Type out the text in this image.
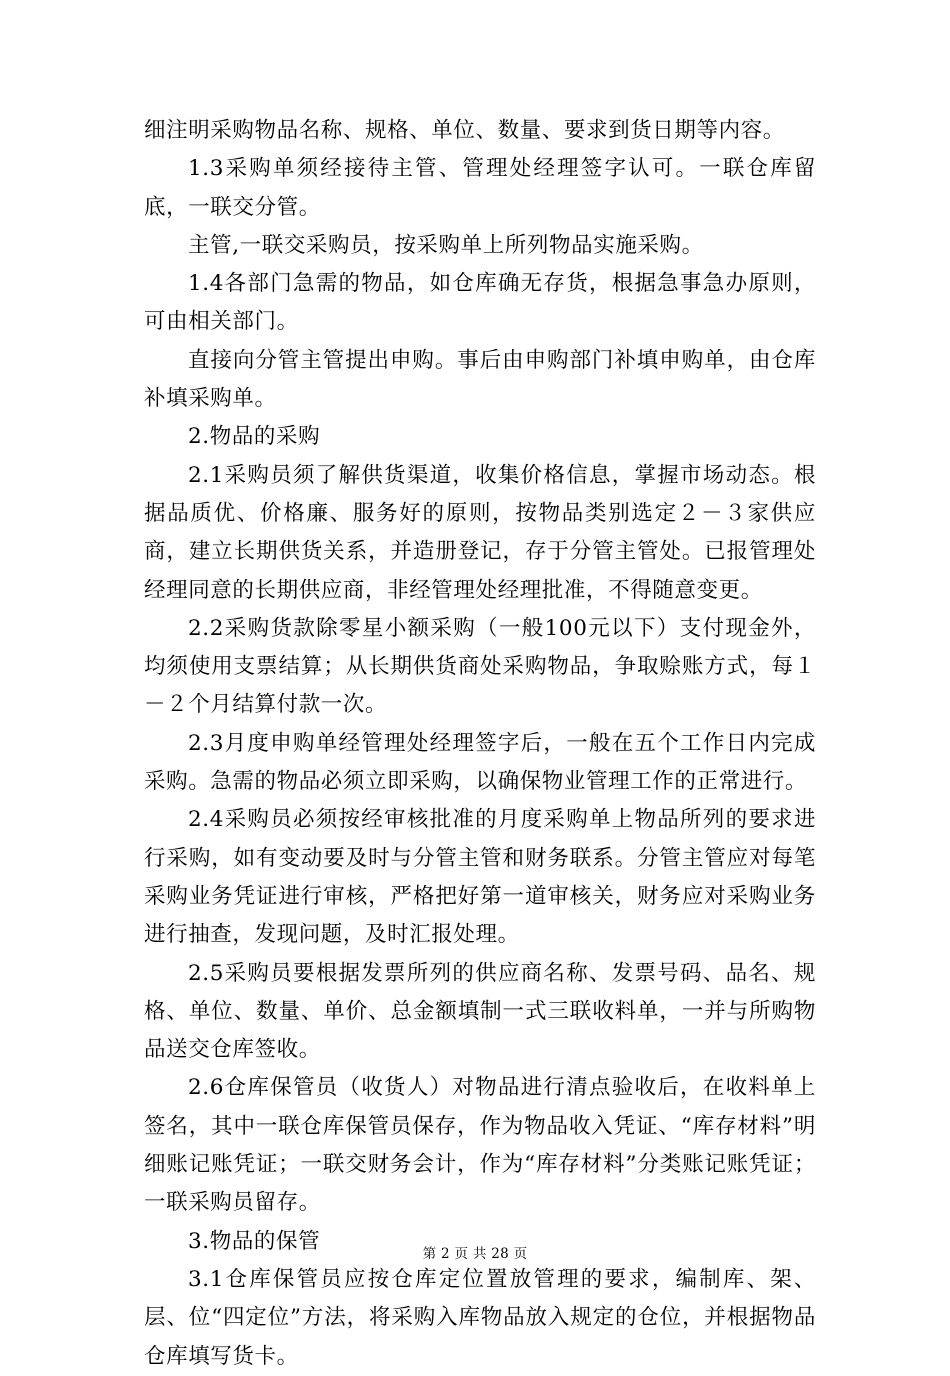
细注明采购物品名称、规格、单位、数量、要求到货日期等内容。

1.3采购单须经接待主管、管理处经理签字认可。一联仓库留底，一联交分管。

主管,一联交采购员，按采购单上所列物品实施采购。

1.4各部门急需的物品，如仓库确无存货，根据急事急办原则，可由相关部门。

直接向分管主管提出申购。事后由申购部门补填申购单，由仓库补填采购单。

2.物品的采购

2.1采购员须了解供货渠道，收集价格信息，掌握市场动态。根据品质优、价格廉、服务好的原则，按物品类别选定２－３家供应商，建立长期供货关系，并造册登记，存于分管主管处。已报管理处经理同意的长期供应商，非经管理处经理批准，不得随意变更。

2.2采购货款除零星小额采购（一般100元以下）支付现金外，均须使用支票结算；从长期供货商处采购物品，争取赊账方式，每１－２个月结算付款一次。

2.3月度申购单经管理处经理签字后，一般在五个工作日内完成采购。急需的物品必须立即采购，以确保物业管理工作的正常进行。

2.4采购员必须按经审核批准的月度采购单上物品所列的要求进行采购，如有变动要及时与分管主管和财务联系。分管主管应对每笔采购业务凭证进行审核，严格把好第一道审核关，财务应对采购业务进行抽查，发现问题，及时汇报处理。

2.5采购员要根据发票所列的供应商名称、发票号码、品名、规格、单位、数量、单价、总金额填制一式三联收料单，一并与所购物品送交仓库签收。

2.6仓库保管员（收货人）对物品进行清点验收后，在收料单上签名，其中一联仓库保管员保存，作为物品收入凭证、“库存材料”明细账记账凭证；一联交财务会计，作为“库存材料”分类账记账凭证；一联采购员留存。

3.物品的保管

3.1仓库保管员应按仓库定位置放管理的要求，编制库、架、层、位“四定位”方法，将采购入库物品放入规定的仓位，并根据物品仓库填写货卡。

第 2 页 共 28 页
